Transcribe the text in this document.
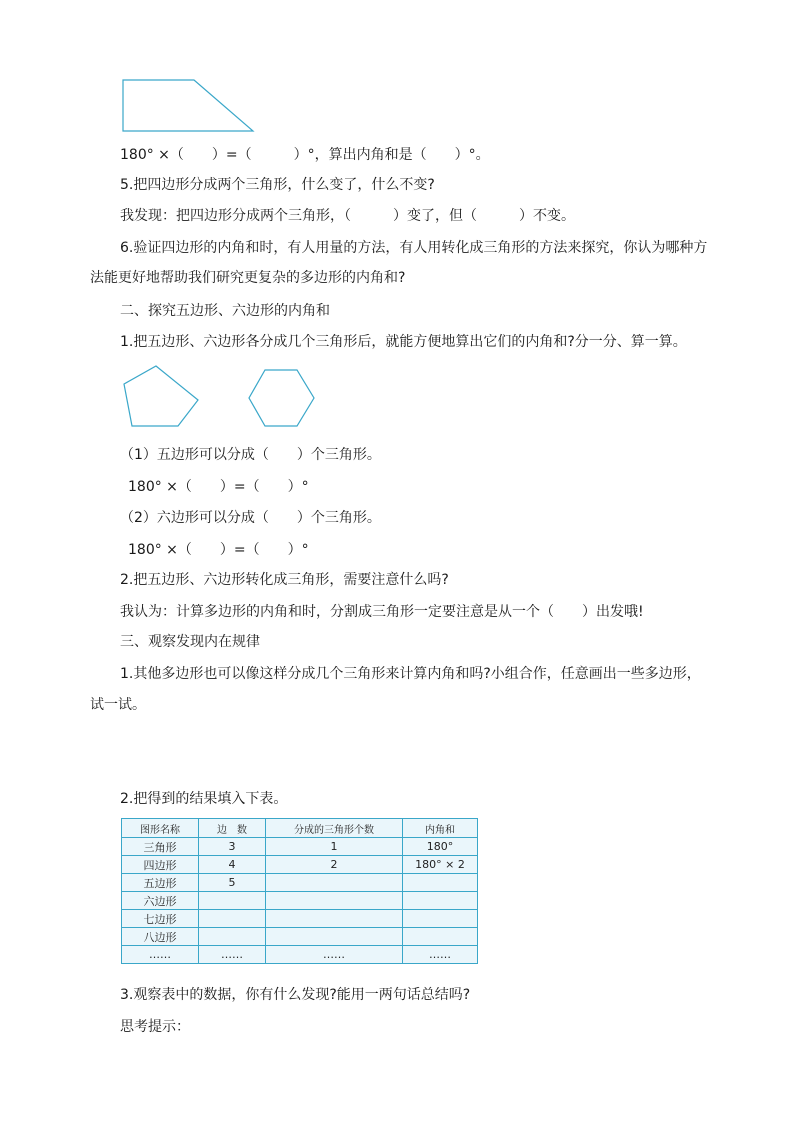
180° ×（　　）=（　　　）°，算出内角和是（　　）°。
5.把四边形分成两个三角形，什么变了，什么不变?
我发现：把四边形分成两个三角形，（　　　）变了，但（　　　）不变。
6.验证四边形的内角和时，有人用量的方法，有人用转化成三角形的方法来探究，你认为哪种方
法能更好地帮助我们研究更复杂的多边形的内角和?
二、探究五边形、六边形的内角和
1.把五边形、六边形各分成几个三角形后，就能方便地算出它们的内角和?分一分、算一算。
（1）五边形可以分成（　　）个三角形。
180° ×（　　）=（　　）°
（2）六边形可以分成（　　）个三角形。
180° ×（　　）=（　　）°
2.把五边形、六边形转化成三角形，需要注意什么吗?
我认为：计算多边形的内角和时，分割成三角形一定要注意是从一个（　　）出发哦!
三、观察发现内在规律
1.其他多边形也可以像这样分成几个三角形来计算内角和吗?小组合作，任意画出一些多边形，
试一试。
2.把得到的结果填入下表。
图形名称	边　数	分成的三角形个数	内角和
三角形	3	1	180°
四边形	4	2	180° × 2
五边形	5		
六边形			
七边形			
八边形			
……	……	……	……
3.观察表中的数据，你有什么发现?能用一两句话总结吗?
思考提示：
